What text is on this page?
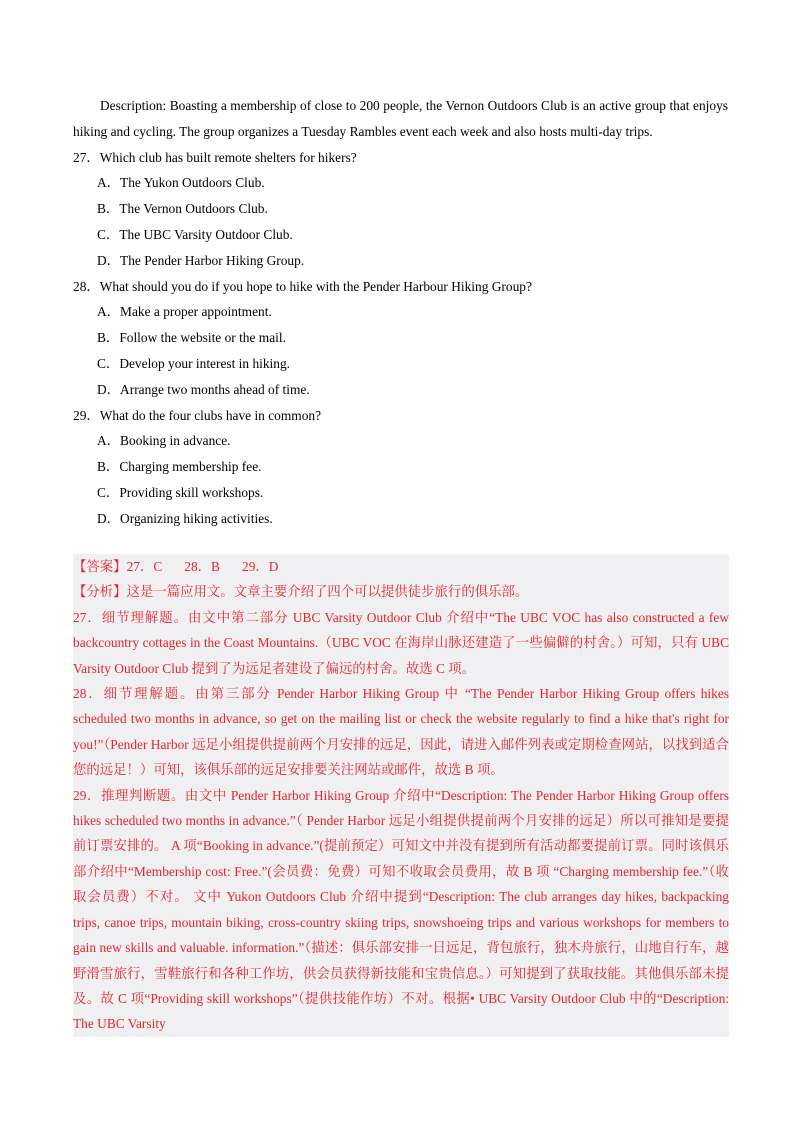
Description: Boasting a membership of close to 200 people, the Vernon Outdoors Club is an active group that enjoys hiking and cycling. The group organizes a Tuesday Rambles event each week and also hosts multi-day trips.

27．Which club has built remote shelters for hikers?

A．The Yukon Outdoors Club.

B．The Vernon Outdoors Club.

C．The UBC Varsity Outdoor Club.

D．The Pender Harbor Hiking Group.

28．What should you do if you hope to hike with the Pender Harbour Hiking Group?

A．Make a proper appointment.

B．Follow the website or the mail.

C．Develop your interest in hiking.

D．Arrange two months ahead of time.

29．What do the four clubs have in common?

A．Booking in advance.

B．Charging membership fee.

C．Providing skill workshops.

D．Organizing hiking activities.

【答案】27．C 28．B 29．D

【分析】这是一篇应用文。文章主要介绍了四个可以提供徒步旅行的俱乐部。

27．细节理解题。由文中第二部分 UBC Varsity Outdoor Club 介绍中“The UBC VOC has also constructed a few backcountry cottages in the Coast Mountains.（UBC VOC 在海岸山脉还建造了一些偏僻的村舍。）可知，只有 UBC Varsity Outdoor Club 提到了为远足者建设了偏远的村舍。故选 C 项。

28．细节理解题。由第三部分 Pender Harbor Hiking Group 中 “The Pender Harbor Hiking Group offers hikes scheduled two months in advance, so get on the mailing list or check the website regularly to find a hike that's right for you!”（Pender Harbor 远足小组提供提前两个月安排的远足，因此，请进入邮件列表或定期检查网站，以找到适合您的远足！）可知，该俱乐部的远足安排要关注网站或邮件，故选 B 项。

29．推理判断题。由文中 Pender Harbor Hiking Group 介绍中“Description: The Pender Harbor Hiking Group offers hikes scheduled two months in advance.”（ Pender Harbor 远足小组提供提前两个月安排的远足）所以可推知是要提前订票安排的。 A 项“Booking in advance.”(提前预定）可知文中并没有提到所有活动都要提前订票。同时该俱乐部介绍中“Membership cost: Free.”(会员费：免费）可知不收取会员费用，故 B 项 “Charging membership fee.”（收取会员费）不对。 文中 Yukon Outdoors Club 介绍中提到“Description: The club arranges day hikes, backpacking trips, canoe trips, mountain biking, cross-country skiing trips, snowshoeing trips and various workshops for members to gain new skills and valuable. information.”（描述：俱乐部安排一日远足，背包旅行，独木舟旅行，山地自行车，越野滑雪旅行，雪鞋旅行和各种工作坊，供会员获得新技能和宝贵信息。）可知提到了获取技能。其他俱乐部未提及。故 C 项“Providing skill workshops”（提供技能作坊）不对。根据• UBC Varsity Outdoor Club 中的“Description: The UBC Varsity
